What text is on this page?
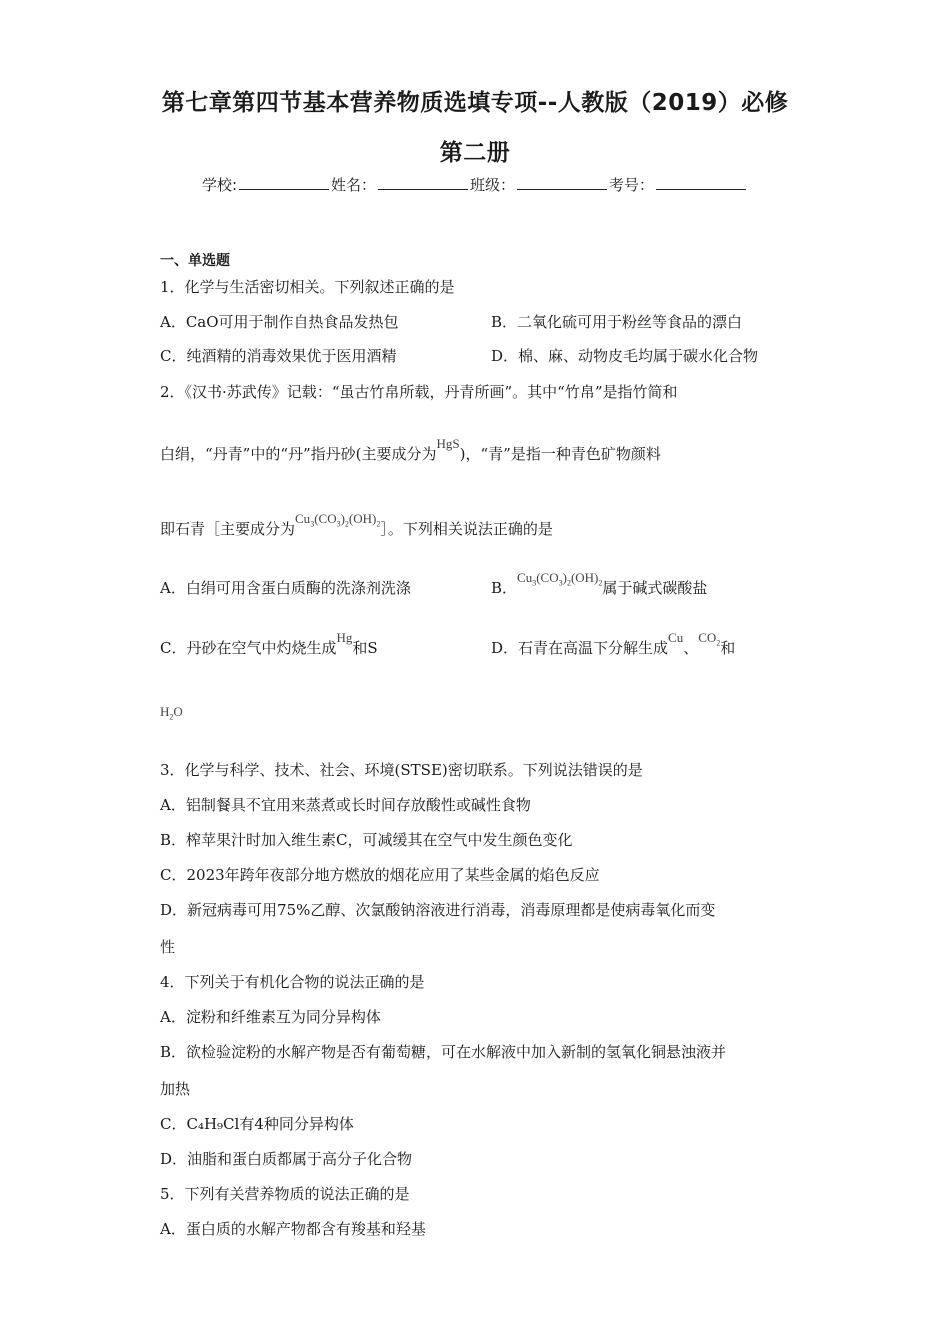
第七章第四节基本营养物质选填专项--人教版（2019）必修
第二册
学校:	姓名：	班级：	考号：
一、单选题
1．化学与生活密切相关。下列叙述正确的是
A．CaO可用于制作自热食品发热包	B．二氧化硫可用于粉丝等食品的漂白
C．纯酒精的消毒效果优于医用酒精	D．棉、麻、动物皮毛均属于碳水化合物
2．《汉书·苏武传》记载：“虽古竹帛所载，丹青所画”。其中“竹帛”是指竹简和
白绢，“丹青”中的“丹”指丹砂(主要成分为HgS)，“青”是指一种青色矿物颜料
即石青［主要成分为$Cu_3(CO_3)_2(OH)_2]$。下列相关说法正确的是
A．白绢可用含蛋白质酶的洗涤剂洗涤	B．$Cu_3(CO_3)_2(OH)_2$属于碱式碳酸盐
C．丹砂在空气中灼烧生成Hg和S	D．石青在高温下分解生成Cu、$CO_2$和
$H_2O$
3．化学与科学、技术、社会、环境(STSE)密切联系。下列说法错误的是
A．铝制餐具不宜用来蒸煮或长时间存放酸性或碱性食物
B．榨苹果汁时加入维生素C，可减缓其在空气中发生颜色变化
C．2023年跨年夜部分地方燃放的烟花应用了某些金属的焰色反应
D．新冠病毒可用75%乙醇、次氯酸钠溶液进行消毒，消毒原理都是使病毒氧化而变
性
4．下列关于有机化合物的说法正确的是
A．淀粉和纤维素互为同分异构体
B．欲检验淀粉的水解产物是否有葡萄糖，可在水解液中加入新制的氢氧化铜悬浊液并
加热
C．C₄H₉Cl有4种同分异构体
D．油脂和蛋白质都属于高分子化合物
5．下列有关营养物质的说法正确的是
A．蛋白质的水解产物都含有羧基和羟基
